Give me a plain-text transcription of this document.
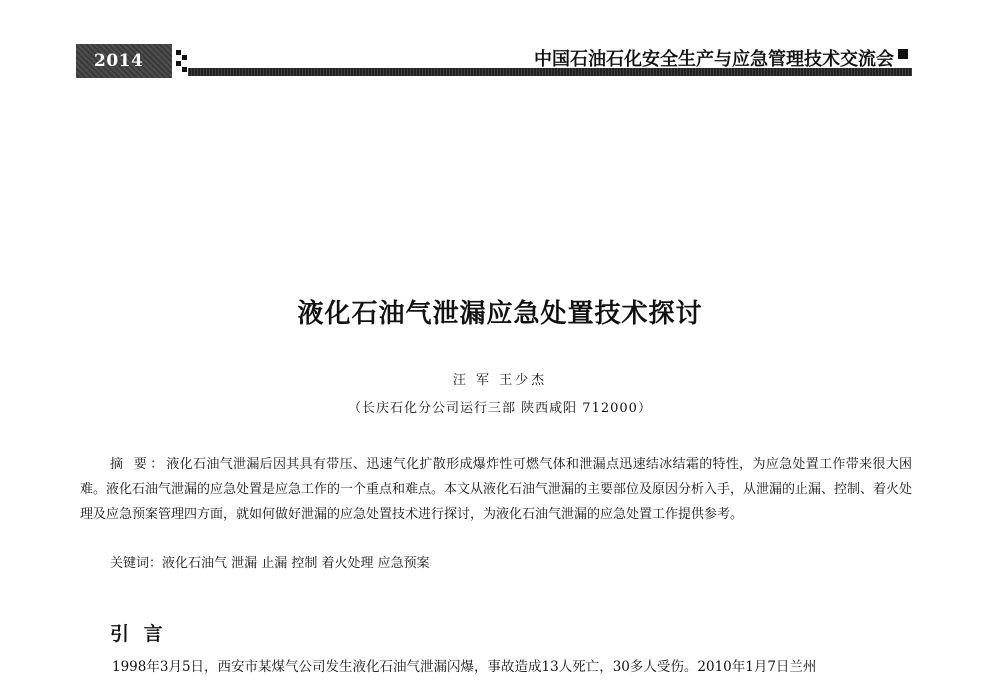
2014	中国石油石化安全生产与应急管理技术交流会
液化石油气泄漏应急处置技术探讨
汪 军 王少杰
（长庆石化分公司运行三部 陕西咸阳 712000）

摘 要：液化石油气泄漏后因其具有带压、迅速气化扩散形成爆炸性可燃气体和泄漏点迅速结冰结霜的特性，为应急处置工作带来很大困难。液化石油气泄漏的应急处置是应急工作的一个重点和难点。本文从液化石油气泄漏的主要部位及原因分析入手，从泄漏的止漏、控制、着火处理及应急预案管理四方面，就如何做好泄漏的应急处置技术进行探讨，为液化石油气泄漏的应急处置工作提供参考。

关键词：液化石油气 泄漏 止漏 控制 着火处理 应急预案
引 言

1998年3月5日，西安市某煤气公司发生液化石油气泄漏闪爆，事故造成13人死亡，30多人受伤。2010年1月7日兰州
